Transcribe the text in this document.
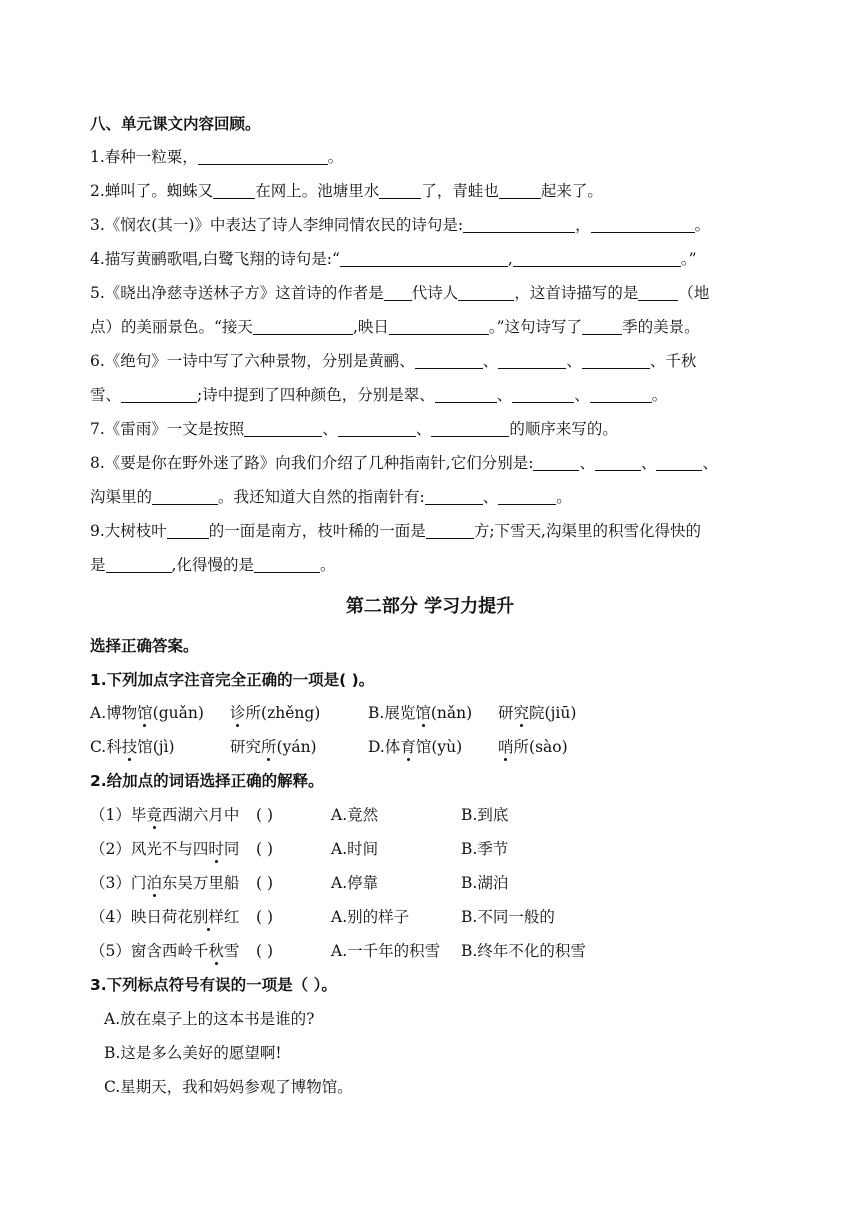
八、单元课文内容回顾。
1.春种一粒粟，	。
2.蝉叫了。蜘蛛又	在网上。池塘里水	了，青蛙也	起来了。
3.《悯农(其一)》中表达了诗人李绅同情农民的诗句是:	，	。
4.描写黄鹂歌唱,白鹭飞翔的诗句是:“	,	。”
5.《晓出净慈寺送林子方》这首诗的作者是 代诗人	，这首诗描写的是	（地
点）的美丽景色。“接天	,映日	。”这句诗写了	季的美景。
6.《绝句》一诗中写了六种景物，分别是黄鹂、	、	、	、千秋
雪、	;诗中提到了四种颜色，分别是翠、	、	、	。
7.《雷雨》一文是按照	、	、	的顺序来写的。
8.《要是你在野外迷了路》向我们介绍了几种指南针,它们分别是:	、	、	、
沟渠里的	。我还知道大自然的指南针有:	、	。
9.大树枝叶	的一面是南方，枝叶稀的一面是	方;下雪天,沟渠里的积雪化得快的
是	,化得慢的是	。
第二部分 学习力提升
选择正确答案。
1.下列加点字注音完全正确的一项是( )。
A.博物馆(guǎn) 诊所(zhěng)	B.展览馆(nǎn) 研究院(jiū)
C.科技馆(jì)	研究所(yán)	D.体育馆(yù) 哨所(sào)
2.给加点的词语选择正确的解释。
（1）毕竟西湖六月中 ( )	A.竟然	B.到底
（2）风光不与四时同 ( )	A.时间	B.季节
（3）门泊东吴万里船 ( )	A.停靠	B.湖泊
（4）映日荷花别样红 ( )	A.别的样子	B.不同一般的
（5）窗含西岭千秋雪 ( )	A.一千年的积雪 B.终年不化的积雪
3.下列标点符号有误的一项是（ ）。
A.放在桌子上的这本书是谁的?
B.这是多么美好的愿望啊!
C.星期天，我和妈妈参观了博物馆。
